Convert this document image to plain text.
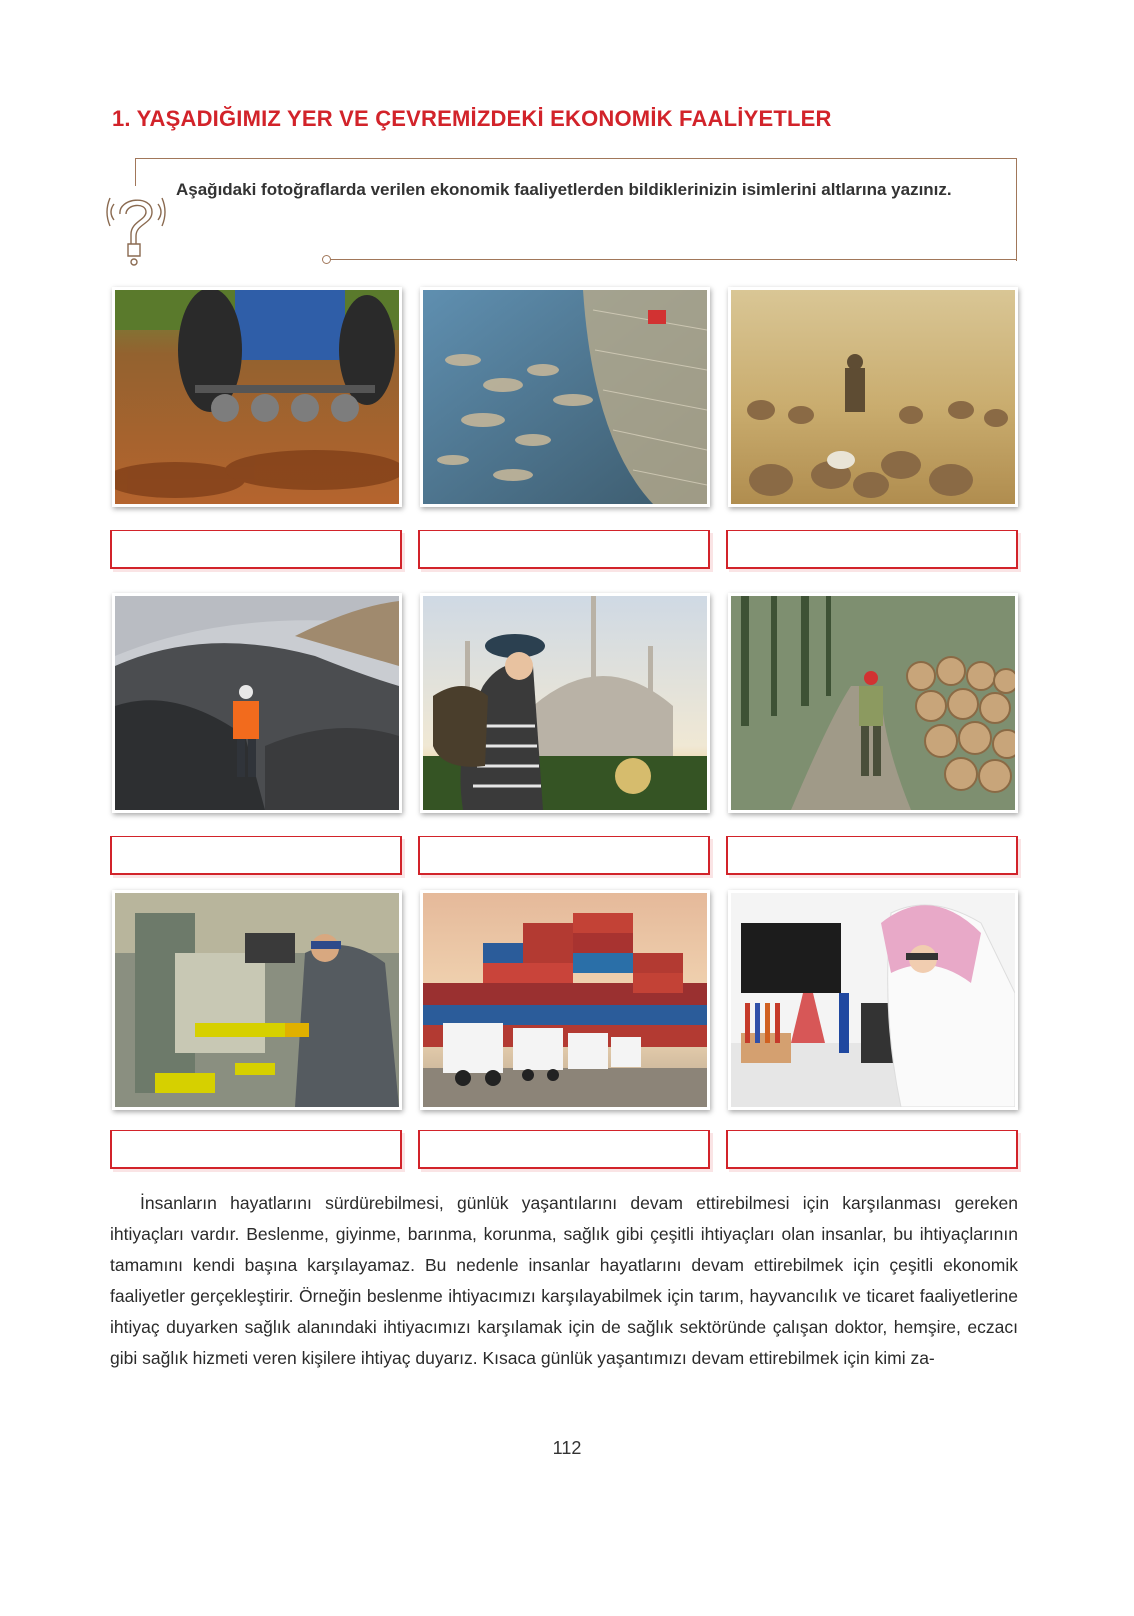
1. YAŞADIĞIMIZ YER VE ÇEVREMİZDEKİ EKONOMİK FAALİYETLER
Aşağıdaki fotoğraflarda verilen ekonomik faaliyetlerden bildiklerinizin isimlerini altlarına yazınız.
İnsanların hayatlarını sürdürebilmesi, günlük yaşantılarını devam ettirebilmesi için karşılanması gereken ihtiyaçları vardır. Beslenme, giyinme, barınma, korunma, sağlık gibi çeşitli ihtiyaçları olan insanlar, bu ihtiyaçlarının tamamını kendi başına karşılayamaz. Bu nedenle insanlar hayatlarını devam ettirebilmek için çeşitli ekonomik faaliyetler gerçekleştirir. Örneğin beslenme ihtiyacımızı karşılayabilmek için tarım, hayvancılık ve ticaret faaliyetlerine ihtiyaç duyarken sağlık alanındaki ihtiyacımızı karşılamak için de sağlık sektöründe çalışan doktor, hemşire, eczacı gibi sağlık hizmeti veren kişilere ihtiyaç duyarız. Kısaca günlük yaşantımızı devam ettirebilmek için kimi za-
112
